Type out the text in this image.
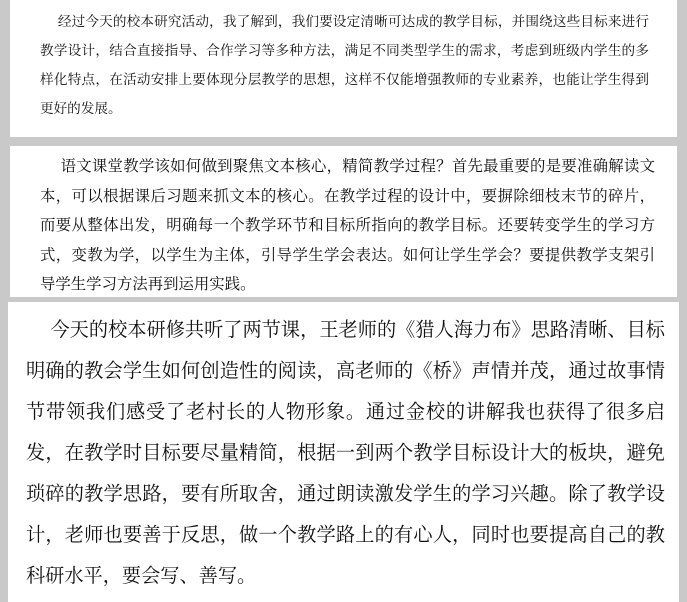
经过今天的校本研究活动，我了解到，我们要设定清晰可达成的教学目标，并围绕这些目标来进行教学设计，结合直接指导、合作学习等多种方法，满足不同类型学生的需求，考虑到班级内学生的多样化特点，在活动安排上要体现分层教学的思想，这样不仅能增强教师的专业素养，也能让学生得到更好的发展。

语文课堂教学该如何做到聚焦文本核心，精简教学过程？首先最重要的是要准确解读文本，可以根据课后习题来抓文本的核心。在教学过程的设计中，要摒除细枝末节的碎片，而要从整体出发，明确每一个教学环节和目标所指向的教学目标。还要转变学生的学习方式，变教为学，以学生为主体，引导学生学会表达。如何让学生学会？要提供教学支架引导学生学习方法再到运用实践。

今天的校本研修共听了两节课，王老师的《猎人海力布》思路清晰、目标明确的教会学生如何创造性的阅读，高老师的《桥》声情并茂，通过故事情节带领我们感受了老村长的人物形象。通过金校的讲解我也获得了很多启发，在教学时目标要尽量精简，根据一到两个教学目标设计大的板块，避免琐碎的教学思路，要有所取舍，通过朗读激发学生的学习兴趣。除了教学设计，老师也要善于反思，做一个教学路上的有心人，同时也要提高自己的教科研水平，要会写、善写。
